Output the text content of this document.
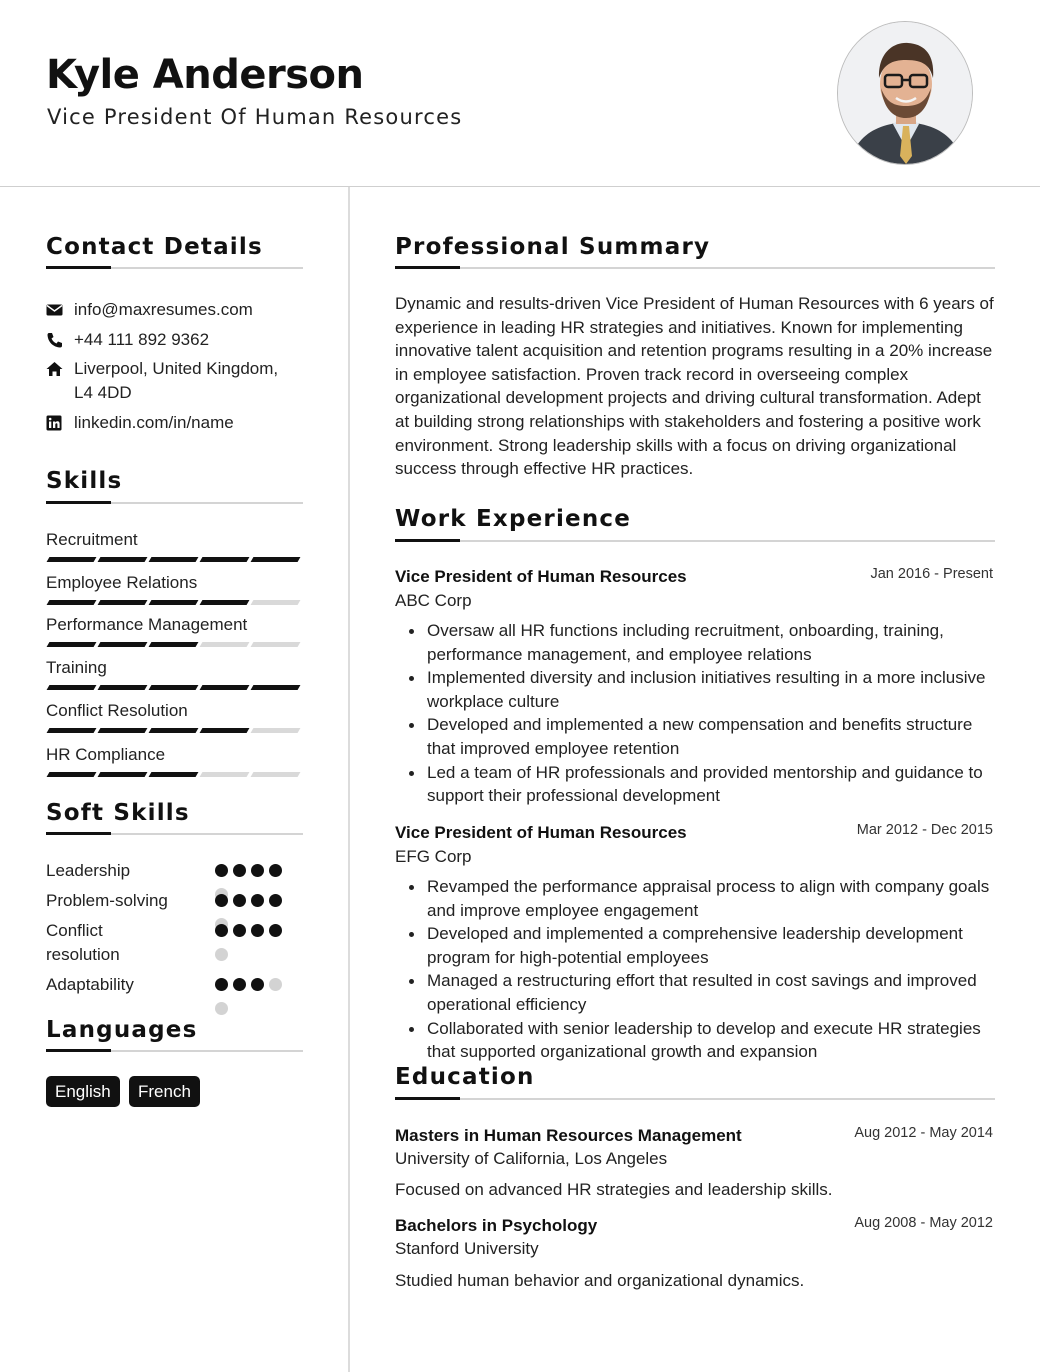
Kyle Anderson
Vice President Of Human Resources
Contact Details
info@maxresumes.com
+44 111 892 9362
Liverpool, United Kingdom,
L4 4DD
linkedin.com/in/name
Skills
Recruitment
Employee Relations
Performance Management
Training
Conflict Resolution
HR Compliance
Soft Skills
Leadership
Problem-solving
Conflict
resolution
Adaptability
Languages
English	French
Professional Summary
Dynamic and results-driven Vice President of Human Resources with 6 years of experience in leading HR strategies and initiatives. Known for implementing innovative talent acquisition and retention programs resulting in a 20% increase in employee satisfaction. Proven track record in overseeing complex organizational development projects and driving cultural transformation. Adept at building strong relationships with stakeholders and fostering a positive work environment. Strong leadership skills with a focus on driving organizational success through effective HR practices.
Work Experience
Vice President of Human Resources	Jan 2016 - Present
ABC Corp
Oversaw all HR functions including recruitment, onboarding, training, performance management, and employee relations
Implemented diversity and inclusion initiatives resulting in a more inclusive workplace culture
Developed and implemented a new compensation and benefits structure that improved employee retention
Led a team of HR professionals and provided mentorship and guidance to support their professional development
Vice President of Human Resources	Mar 2012 - Dec 2015
EFG Corp
Revamped the performance appraisal process to align with company goals and improve employee engagement
Developed and implemented a comprehensive leadership development program for high-potential employees
Managed a restructuring effort that resulted in cost savings and improved operational efficiency
Collaborated with senior leadership to develop and execute HR strategies that supported organizational growth and expansion
Education
Masters in Human Resources Management	Aug 2012 - May 2014
University of California, Los Angeles
Focused on advanced HR strategies and leadership skills.
Bachelors in Psychology	Aug 2008 - May 2012
Stanford University
Studied human behavior and organizational dynamics.
